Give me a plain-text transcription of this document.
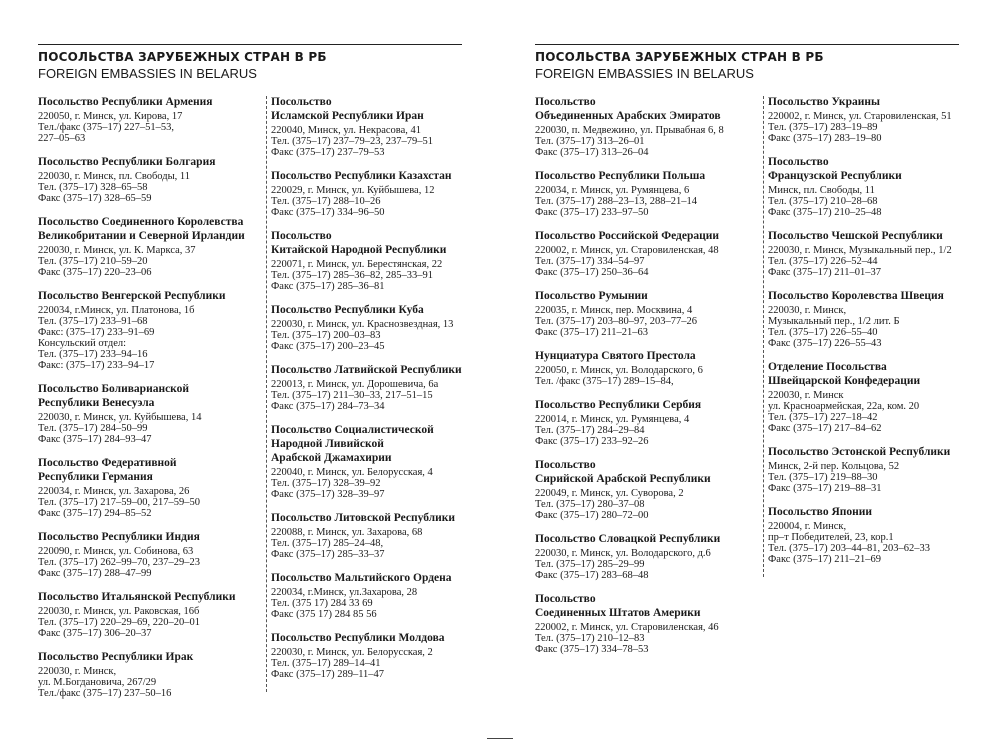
ПОСОЛЬСТВА ЗАРУБЕЖНЫХ СТРАН В РБ
FOREIGN EMBASSIES IN BELARUS
Посольство Республики Армения
220050, г. Минск, ул. Кирова, 17
Тел./факс (375–17) 227–51–53,
227–05–63
Посольство Республики Болгария
220030, г. Минск, пл. Свободы, 11
Тел. (375–17) 328–65–58
Факс (375–17) 328–65–59
Посольство Соединенного Королевства
Великобритании и Северной Ирландии
220030, г. Минск, ул. К. Маркса, 37
Тел. (375–17) 210–59–20
Факс (375–17) 220–23–06
Посольство Венгерской Республики
220034, г.Минск, ул. Платонова, 1б
Тел. (375–17) 233–91–68
Факс: (375–17) 233–91–69
Консульский отдел:
Тел. (375–17) 233–94–16
Факс: (375–17) 233–94–17
Посольство Боливарианской
Республики Венесуэла
220030, г. Минск, ул. Куйбышева, 14
Тел. (375–17) 284–50–99
Факс (375–17) 284–93–47
Посольство Федеративной
Республики Германия
220034, г. Минск, ул. Захарова, 26
Тел. (375–17) 217–59–00, 217–59–50
Факс (375–17) 294–85–52
Посольство Республики Индия
220090, г. Минск, ул. Собинова, 63
Тел. (375–17) 262–99–70, 237–29–23
Факс (375–17) 288–47–99
Посольство Итальянской Республики
220030, г. Минск, ул. Раковская, 16б
Тел. (375–17) 220–29–69, 220–20–01
Факс (375–17) 306–20–37
Посольство Республики Ирак
220030, г. Минск,
ул. М.Богдановича, 267/29
Тел./факс (375–17) 237–50–16
Посольство
Исламской Республики Иран
220040, Минск, ул. Некрасова, 41
Тел. (375–17) 237–79–23, 237–79–51
Факс (375–17) 237–79–53
Посольство Республики Казахстан
220029, г. Минск, ул. Куйбышева, 12
Тел. (375–17) 288–10–26
Факс (375–17) 334–96–50
Посольство
Китайской Народной Республики
220071, г. Минск, ул. Берестянская, 22
Тел. (375–17) 285–36–82, 285–33–91
Факс (375–17) 285–36–81
Посольство Республики Куба
220030, г. Минск, ул. Краснозвездная, 13
Тел. (375–17) 200–03–83
Факс (375–17) 200–23–45
Посольство Латвийской Республики
220013, г. Минск, ул. Дорошевича, 6а
Тел. (375–17) 211–30–33, 217–51–15
Факс (375–17) 284–73–34
Посольство Социалистической
Народной Ливийской
Арабской Джамахирии
220040, г. Минск, ул. Белорусская, 4
Тел. (375–17) 328–39–92
Факс (375–17) 328–39–97
Посольство Литовской Республики
220088, г. Минск, ул. Захарова, 68
Тел. (375–17) 285–24–48,
Факс (375–17) 285–33–37
Посольство Мальтийского Ордена
220034, г.Минск, ул.Захарова, 28
Тел. (375 17) 284 33 69
Факс (375 17) 284 85 56
Посольство Республики Молдова
220030, г. Минск, ул. Белорусская, 2
Тел. (375–17) 289–14–41
Факс (375–17) 289–11–47
ПОСОЛЬСТВА ЗАРУБЕЖНЫХ СТРАН В РБ
FOREIGN EMBASSIES IN BELARUS
Посольство
Объединенных Арабских Эмиратов
220030, п. Медвежино, ул. Прывабная 6, 8
Тел. (375–17) 313–26–01
Факс (375–17) 313–26–04
Посольство Республики Польша
220034, г. Минск, ул. Румянцева, 6
Тел. (375–17) 288–23–13, 288–21–14
Факс (375–17) 233–97–50
Посольство Российской Федерации
220002, г. Минск, ул. Старовиленская, 48
Тел. (375–17) 334–54–97
Факс (375–17) 250–36–64
Посольство Румынии
220035, г. Минск, пер. Москвина, 4
Тел. (375–17) 203–80–97, 203–77–26
Факс (375–17) 211–21–63
Нунциатура Святого Престола
220050, г. Минск, ул. Володарского, 6
Тел. /факс (375–17) 289–15–84,
Посольство Республики Сербия
220014, г. Минск, ул. Румянцева, 4
Тел. (375–17) 284–29–84
Факс (375–17) 233–92–26
Посольство
Сирийской Арабской Республики
220049, г. Минск, ул. Суворова, 2
Тел. (375–17) 280–37–08
Факс (375–17) 280–72–00
Посольство Словацкой Республики
220030, г. Минск, ул. Володарского, д.6
Тел. (375–17) 285–29–99
Факс (375–17) 283–68–48
Посольство
Соединенных Штатов Америки
220002, г. Минск, ул. Старовиленская, 46
Тел. (375–17) 210–12–83
Факс (375–17) 334–78–53
Посольство Украины
220002, г. Минск, ул. Старовиленская, 51
Тел. (375–17) 283–19–89
Факс (375–17) 283–19–80
Посольство
Французской Республики
Минск, пл. Свободы, 11
Тел. (375–17) 210–28–68
Факс (375–17) 210–25–48
Посольство Чешской Республики
220030, г. Минск, Музыкальный пер., 1/2
Тел. (375–17) 226–52–44
Факс (375–17) 211–01–37
Посольство Королевства Швеция
220030, г. Минск,
Музыкальный пер., 1/2 лит. Б
Тел. (375–17) 226–55–40
Факс (375–17) 226–55–43
Отделение Посольства
Швейцарской Конфедерации
220030, г. Минск
ул. Красноармейская, 22а, ком. 20
Тел. (375–17) 227–18–42
Факс (375–17) 217–84–62
Посольство Эстонской Республики
Минск, 2-й пер. Кольцова, 52
Тел. (375–17) 219–88–30
Факс (375–17) 219–88–31
Посольство Японии
220004, г. Минск,
пр–т Победителей, 23, кор.1
Тел. (375–17) 203–44–81, 203–62–33
Факс (375–17) 211–21–69
